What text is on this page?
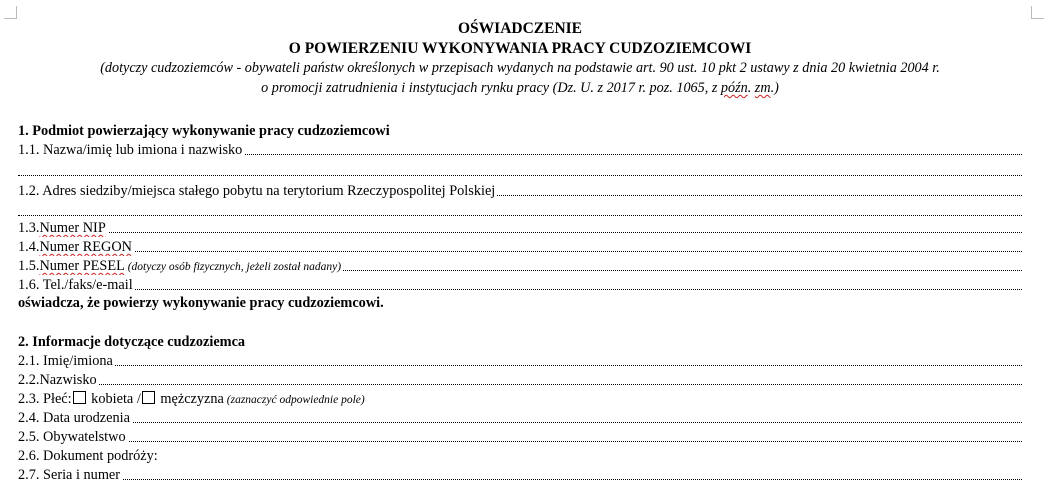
OŚWIADCZENIE
O POWIERZENIU WYKONYWANIA PRACY CUDZOZIEMCOWI
(dotyczy cudzoziemców - obywateli państw określonych w przepisach wydanych na podstawie art. 90 ust. 10 pkt 2 ustawy z dnia 20 kwietnia 2004 r.
o promocji zatrudnienia i instytucjach rynku pracy (Dz. U. z 2017 r. poz. 1065, z późn. zm.)
1. Podmiot powierzający wykonywanie pracy cudzoziemcowi
1.1. Nazwa/imię lub imiona i nazwisko
1.2. Adres siedziby/miejsca stałego pobytu na terytorium Rzeczypospolitej Polskiej
1.3.Numer NIP
1.4.Numer REGON
1.5.Numer PESEL (dotyczy osób fizycznych, jeżeli został nadany)
1.6. Tel./faks/e-mail
oświadcza, że powierzy wykonywanie pracy cudzoziemcowi.
2. Informacje dotyczące cudzoziemca
2.1. Imię/imiona
2.2.Nazwisko
2.3. Płeć: kobieta / mężczyzna (zaznaczyć odpowiednie pole)
2.4. Data urodzenia
2.5. Obywatelstwo
2.6. Dokument podróży:
2.7. Seria i numer
